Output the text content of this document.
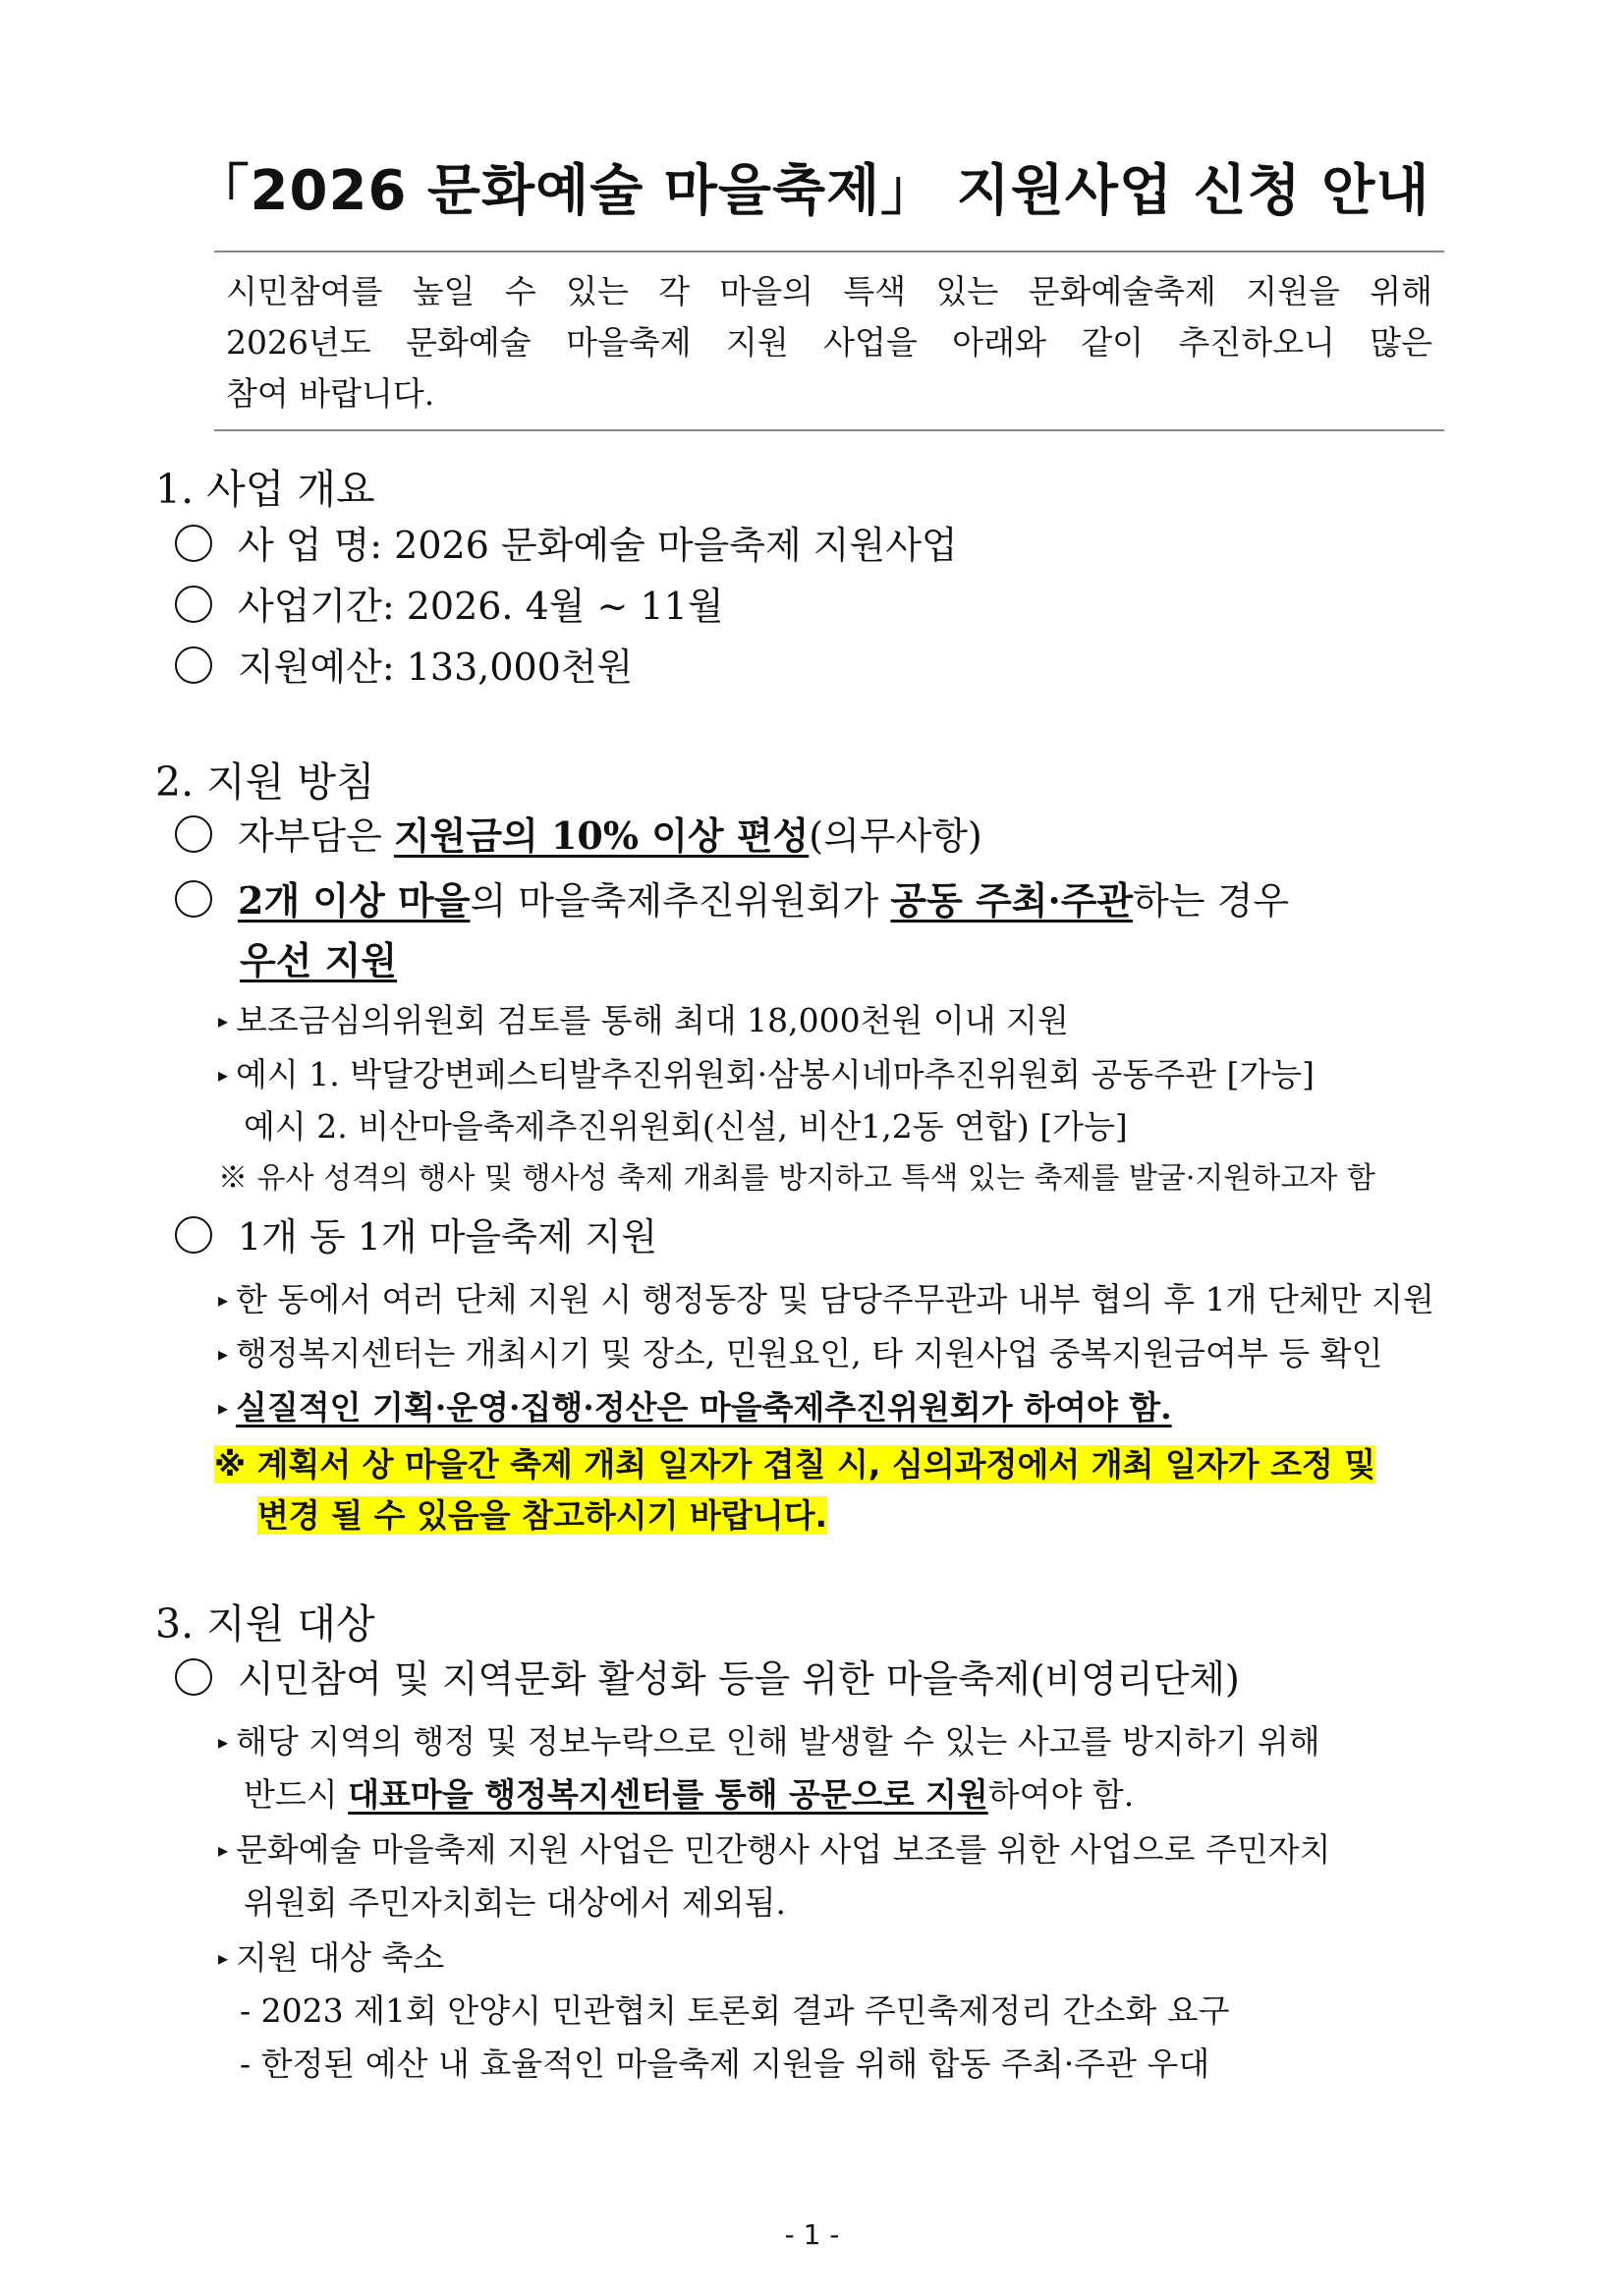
「2026 문화예술 마을축제」 지원사업 신청 안내
시민참여를 높일 수 있는 각 마을의 특색 있는 문화예술축제 지원을 위해
2026년도 문화예술 마을축제 지원 사업을 아래와 같이 추진하오니 많은
참여 바랍니다.
1. 사업 개요
사 업 명: 2026 문화예술 마을축제 지원사업
사업기간: 2026. 4월 ~ 11월
지원예산: 133,000천원
2. 지원 방침
자부담은 지원금의 10% 이상 편성(의무사항)
2개 이상 마을의 마을축제추진위원회가 공동 주최·주관하는 경우
우선 지원
▸ 보조금심의위원회 검토를 통해 최대 18,000천원 이내 지원
▸ 예시 1. 박달강변페스티발추진위원회·삼봉시네마추진위원회 공동주관 [가능]
예시 2. 비산마을축제추진위원회(신설, 비산1,2동 연합) [가능]
※ 유사 성격의 행사 및 행사성 축제 개최를 방지하고 특색 있는 축제를 발굴·지원하고자 함
1개 동 1개 마을축제 지원
▸ 한 동에서 여러 단체 지원 시 행정동장 및 담당주무관과 내부 협의 후 1개 단체만 지원
▸ 행정복지센터는 개최시기 및 장소, 민원요인, 타 지원사업 중복지원금여부 등 확인
▸ 실질적인 기획·운영·집행·정산은 마을축제추진위원회가 하여야 함.
※ 계획서 상 마을간 축제 개최 일자가 겹칠 시, 심의과정에서 개최 일자가 조정 및
변경 될 수 있음을 참고하시기 바랍니다.
3. 지원 대상
시민참여 및 지역문화 활성화 등을 위한 마을축제(비영리단체)
▸ 해당 지역의 행정 및 정보누락으로 인해 발생할 수 있는 사고를 방지하기 위해
반드시 대표마을 행정복지센터를 통해 공문으로 지원하여야 함.
▸ 문화예술 마을축제 지원 사업은 민간행사 사업 보조를 위한 사업으로 주민자치
위원회 주민자치회는 대상에서 제외됨.
▸ 지원 대상 축소
- 2023 제1회 안양시 민관협치 토론회 결과 주민축제정리 간소화 요구
- 한정된 예산 내 효율적인 마을축제 지원을 위해 합동 주최·주관 우대
- 1 -
